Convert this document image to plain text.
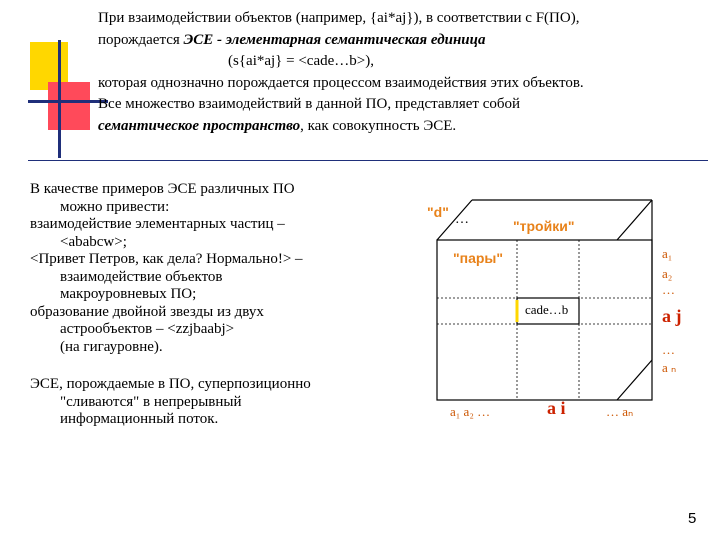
При взаимодействии объектов (например, {ai*aj}), в соответствии с F(ПО),
порождается ЭСЕ - элементарная семантическая единица
(s{ai*aj} = <cade…b>),
которая однозначно порождается процессом взаимодействия этих объектов.
Все множество взаимодействий в данной ПО, представляет собой
семантическое пространство, как совокупность ЭСЕ.
В качестве примеров ЭСЕ различных ПО
можно привести:
взаимодействие элементарных частиц –
<ababcw>;
<Привет Петров, как дела? Нормально!> –
взаимодействие объектов
макроуровневых ПО;
образование двойной звезды из двух
астрообъектов – <zzjbaabj>
(на гигауровне).
ЭСЕ, порождаемые в ПО, суперпозиционно
"сливаются" в непрерывный
информационный поток.
"d" …	"тройки"
"пары"
cade…b
a₁
a₂
…
a j
…
a ₙ
a₁ a₂ …	a i	… aₙ
5
